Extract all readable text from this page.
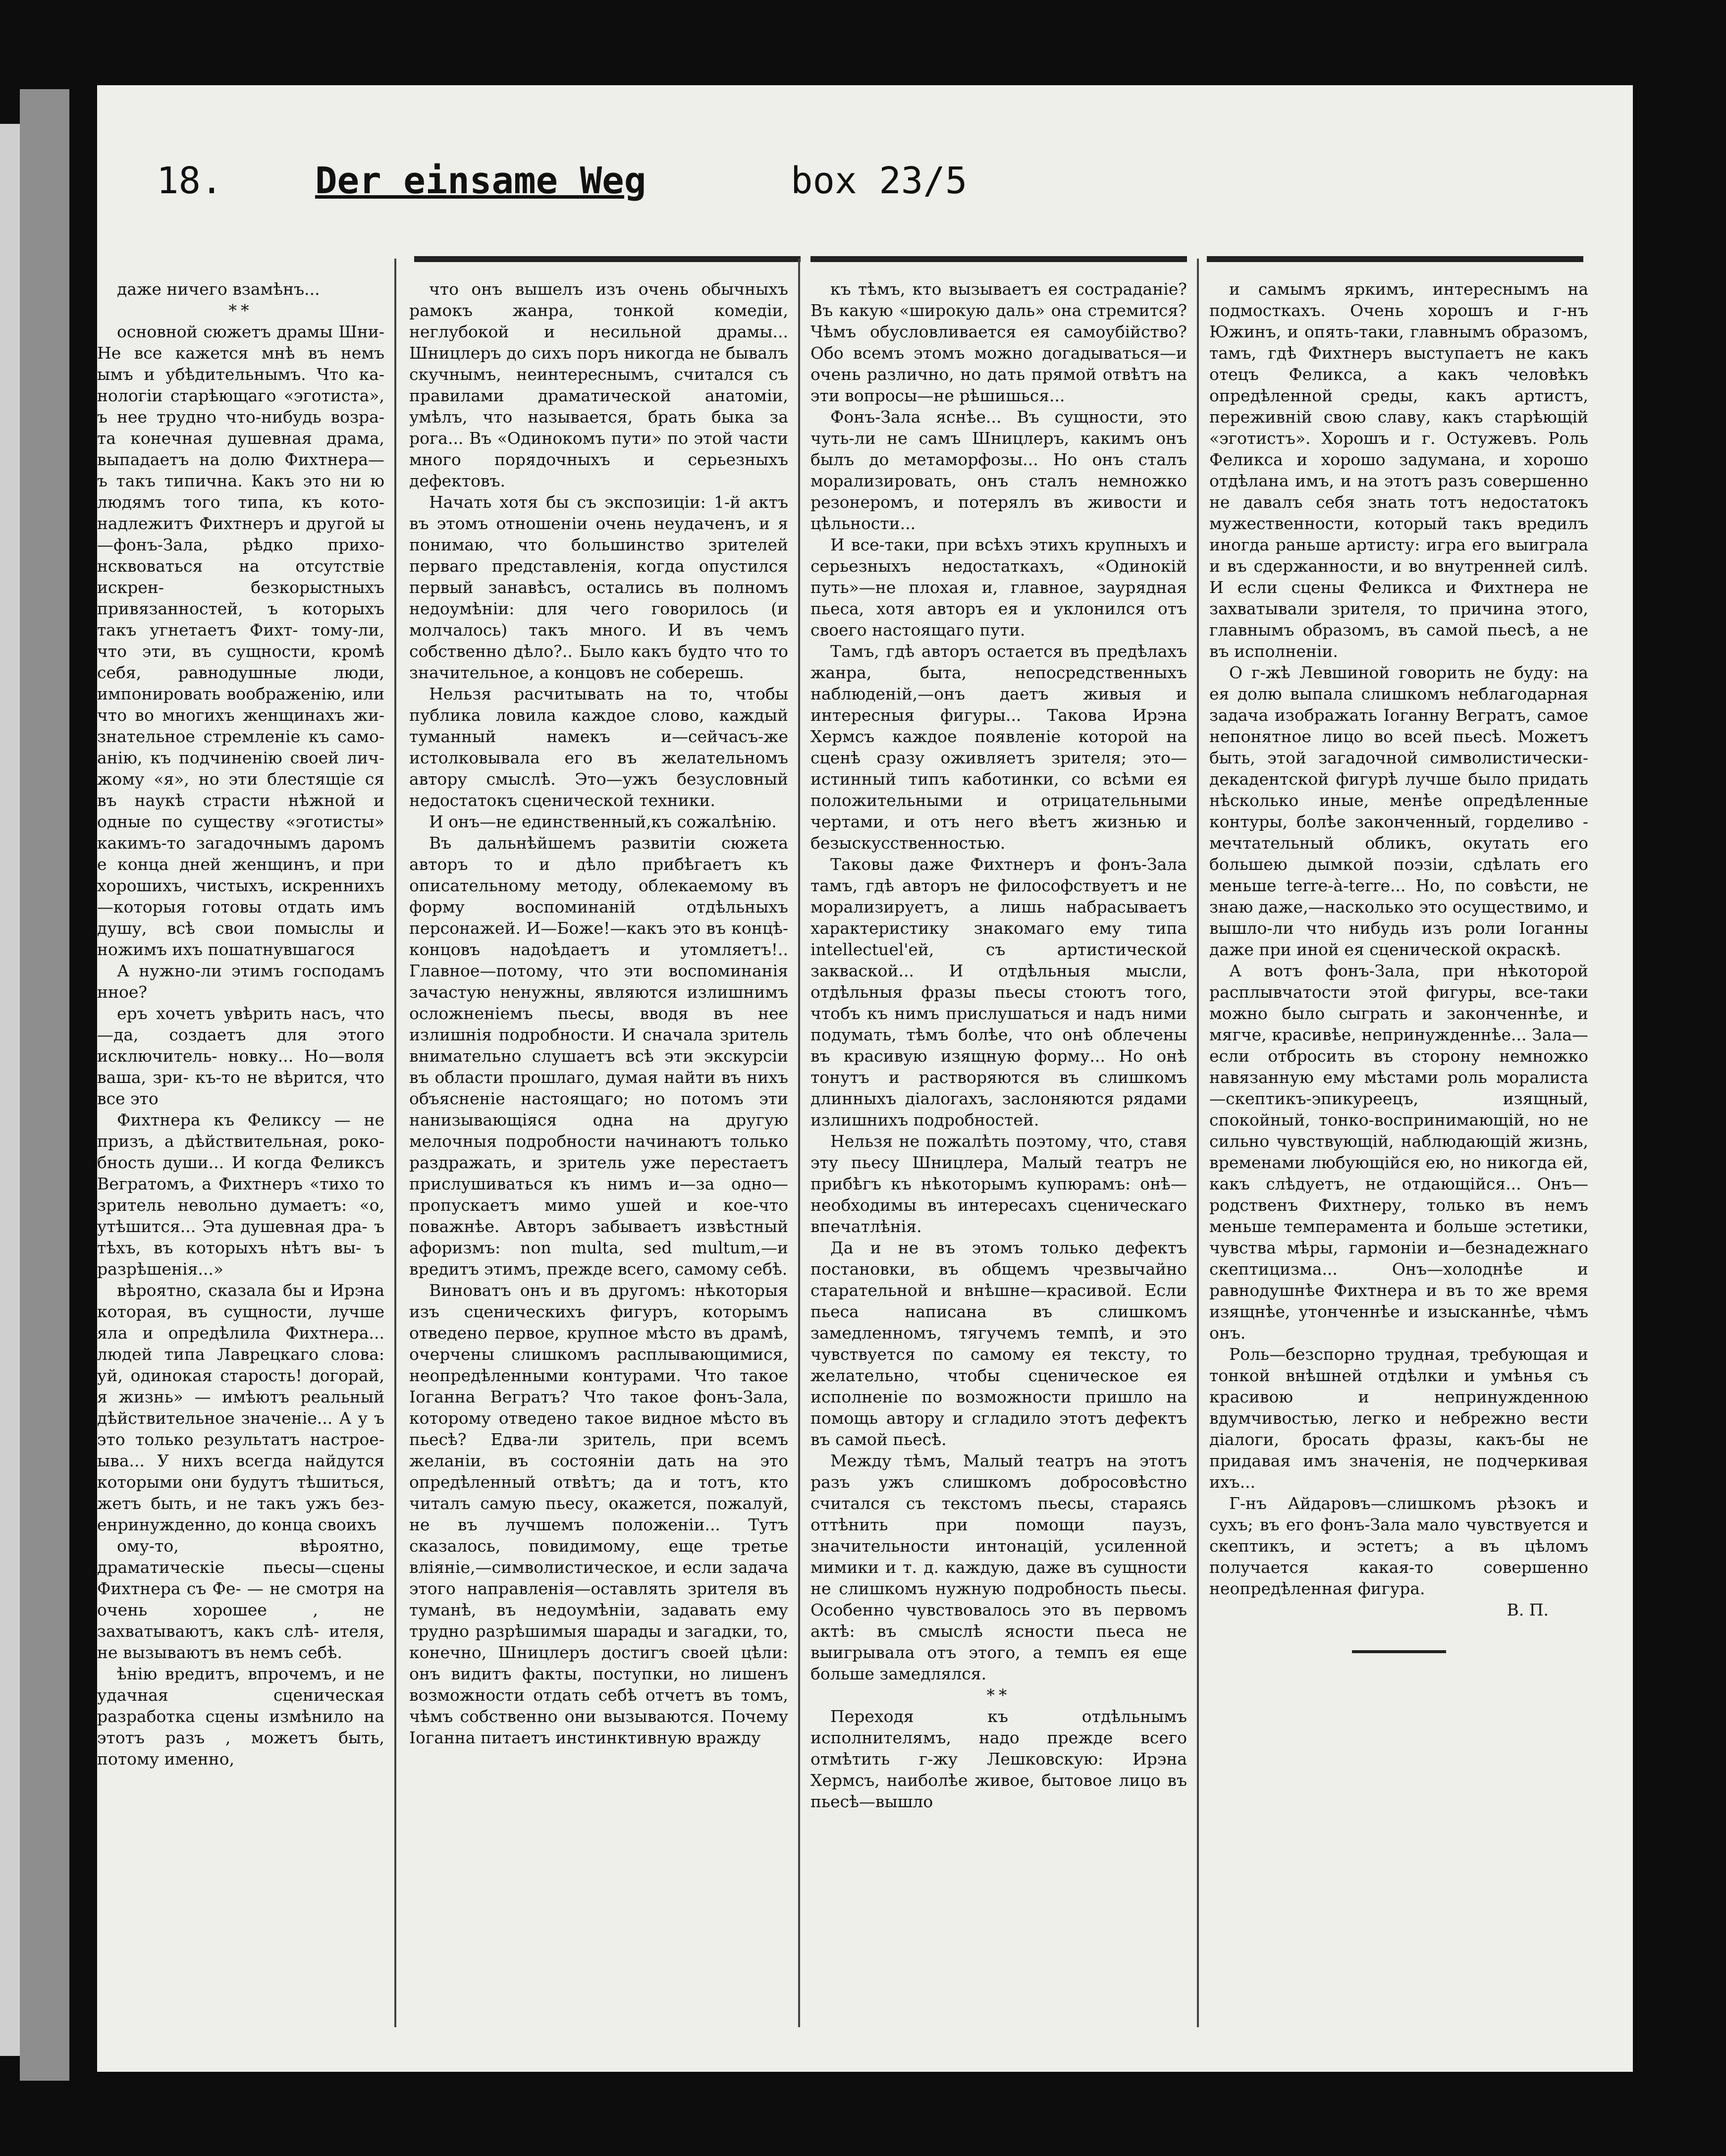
18.	Der einsame Weg	box 23/5

даже ничего взамѣнъ...

**

основной сюжетъ драмы Шни- Не все кажется мнѣ въ немъ ымъ и убѣдительнымъ. Что ка- нологіи старѣющаго «эготиста», ъ нее трудно что-нибудь возра- та конечная душевная драма, выпадаетъ на долю Фихтнера— ъ такъ типична. Какъ это ни ю людямъ того типа, къ кото- надлежитъ Фихтнеръ и другой ы—фонъ-Зала, рѣдко прихо- нсквоваться на отсутствіе искрен- безкорыстныхъ привязанностей, ъ которыхъ такъ угнетаетъ Фихт- тому-ли, что эти, въ сущности, кромѣ себя, равнодушные люди, импонировать воображенію, или что во многихъ женщинахъ жи- знательное стремленіе къ само- анію, къ подчиненію своей лич- жому «я», но эти блестящіе ся въ наукѣ страсти нѣжной и одные по существу «эготисты» какимъ-то загадочнымъ даромъ е конца дней женщинъ, и при хорошихъ, чистыхъ, искреннихъ —которыя готовы отдать имъ душу, всѣ свои помыслы и ножимъ ихъ пошатнувшагося

А нужно-ли этимъ господамъ нное?

еръ хочетъ увѣрить насъ, что—да, создаетъ для этого исключитель- новку... Но—воля ваша, зри- къ-то не вѣрится, что все это

Фихтнера къ Феликсу — не призъ, а дѣйствительная, роко- бность души... И когда Феликсъ Вегратомъ, а Фихтнеръ «тихо то зритель невольно думаетъ: «о, утѣшится... Эта душевная дра- ъ тѣхъ, въ которыхъ нѣтъ вы- ъ разрѣшенія...»

вѣроятно, сказала бы и Ирэна которая, въ сущности, лучше яла и опредѣлила Фихтнера... людей типа Лаврецкаго слова: уй, одинокая старость! догорай, я жизнь» — имѣютъ реальный дѣйствительное значеніе... А у ъ это только результатъ настрое- ыва... У нихъ всегда найдутся которыми они будутъ тѣшиться, жетъ быть, и не такъ ужъ без- енринужденно, до конца своихъ

ому-то, вѣроятно, драматическіе пьесы—сцены Фихтнера съ Фе- — не смотря на очень хорошее , не захватываютъ, какъ слѣ- ителя, не вызываютъ въ немъ себѣ.

ѣнію вредитъ, впрочемъ, и не удачная сценическая разработка сцены измѣнило на этотъ разъ , можетъ быть, потому именно,

что онъ вышелъ изъ очень обычныхъ рамокъ жанра, тонкой комедіи, неглубокой и несильной драмы... Шницлеръ до сихъ поръ никогда не бывалъ скучнымъ, неинтереснымъ, считался съ правилами драматической анатоміи, умѣлъ, что называется, брать быка за рога... Въ «Одинокомъ пути» по этой части много порядочныхъ и серьезныхъ дефектовъ.

Начать хотя бы съ экспозиціи: 1-й актъ въ этомъ отношеніи очень неудаченъ, и я понимаю, что большинство зрителей перваго представленія, когда опустился первый занавѣсъ, остались въ полномъ недоумѣніи: для чего говорилось (и молчалось) такъ много. И въ чемъ собственно дѣло?.. Было какъ будто что то значительное, а концовъ не соберешь.

Нельзя расчитывать на то, чтобы публика ловила каждое слово, каждый туманный намекъ и—сейчасъ-же истолковывала его въ желательномъ автору смыслѣ. Это—ужъ безусловный недостатокъ сценической техники.

И онъ—не единственный,къ сожалѣнію.

Въ дальнѣйшемъ развитіи сюжета авторъ то и дѣло прибѣгаетъ къ описательному методу, облекаемому въ форму воспоминаній отдѣльныхъ персонажей. И—Боже!—какъ это въ концѣ-концовъ надоѣдаетъ и утомляетъ!.. Главное—потому, что эти воспоминанія зачастую ненужны, являются излишнимъ осложненіемъ пьесы, вводя въ нее излишнія подробности. И сначала зритель внимательно слушаетъ всѣ эти экскурсіи въ области прошлаго, думая найти въ нихъ объясненіе настоящаго; но потомъ эти нанизывающіяся одна на другую мелочныя подробности начинаютъ только раздражать, и зритель уже перестаетъ прислушиваться къ нимъ и—за одно—пропускаетъ мимо ушей и кое-что поважнѣе. Авторъ забываетъ извѣстный афоризмъ: non multa, sed multum,—и вредитъ этимъ, прежде всего, самому себѣ.

Виноватъ онъ и въ другомъ: нѣкоторыя изъ сценическихъ фигуръ, которымъ отведено первое, крупное мѣсто въ драмѣ, очерчены слишкомъ расплывающимися, неопредѣленными контурами. Что такое Іоганна Вегратъ? Что такое фонъ-Зала, которому отведено такое видное мѣсто въ пьесѣ? Едва-ли зритель, при всемъ желаніи, въ состояніи дать на это опредѣленный отвѣтъ; да и тотъ, кто читалъ самую пьесу, окажется, пожалуй, не въ лучшемъ положеніи... Тутъ сказалось, повидимому, еще третье вліяніе,—символистическое, и если задача этого направленія—оставлять зрителя въ туманѣ, въ недоумѣніи, задавать ему трудно разрѣшимыя шарады и загадки, то, конечно, Шницлеръ достигъ своей цѣли: онъ видитъ факты, поступки, но лишенъ возможности отдать себѣ отчетъ въ томъ, чѣмъ собственно они вызываются. Почему Іоганна питаетъ инстинктивную вражду

къ тѣмъ, кто вызываетъ ея состраданіе? Въ какую «широкую даль» она стремится? Чѣмъ обусловливается ея самоубійство? Обо всемъ этомъ можно догадываться—и очень различно, но дать прямой отвѣтъ на эти вопросы—не рѣшишься...

Фонъ-Зала яснѣе... Въ сущности, это чуть-ли не самъ Шницлеръ, какимъ онъ былъ до метаморфозы... Но онъ сталъ морализировать, онъ сталъ немножко резонеромъ, и потерялъ въ живости и цѣльности...

И все-таки, при всѣхъ этихъ крупныхъ и серьезныхъ недостаткахъ, «Одинокій путь»—не плохая и, главное, заурядная пьеса, хотя авторъ ея и уклонился отъ своего настоящаго пути.

Тамъ, гдѣ авторъ остается въ предѣлахъ жанра, быта, непосредственныхъ наблюденій,—онъ даетъ живыя и интересныя фигуры... Такова Ирэна Хермсъ каждое появленіе которой на сценѣ сразу оживляетъ зрителя; это—истинный типъ каботинки, со всѣми ея положительными и отрицательными чертами, и отъ него вѣетъ жизнью и безыскусственностью.

Таковы даже Фихтнеръ и фонъ-Зала тамъ, гдѣ авторъ не философствуетъ и не морализируетъ, а лишь набрасываетъ характеристику знакомаго ему типа intellectuel'ей, съ артистической закваской... И отдѣльныя мысли, отдѣльныя фразы пьесы стоютъ того, чтобъ къ нимъ прислушаться и надъ ними подумать, тѣмъ болѣе, что онѣ облечены въ красивую изящную форму... Но онѣ тонутъ и растворяются въ слишкомъ длинныхъ діалогахъ, заслоняются рядами излишнихъ подробностей.

Нельзя не пожалѣть поэтому, что, ставя эту пьесу Шницлера, Малый театръ не прибѣгъ къ нѣкоторымъ купюрамъ: онѣ—необходимы въ интересахъ сценическаго впечатлѣнія.

Да и не въ этомъ только дефектъ постановки, въ общемъ чрезвычайно старательной и внѣшне—красивой. Если пьеса написана въ слишкомъ замедленномъ, тягучемъ темпѣ, и это чувствуется по самому ея тексту, то желательно, чтобы сценическое ея исполненіе по возможности пришло на помощь автору и сгладило этотъ дефектъ въ самой пьесѣ.

Между тѣмъ, Малый театръ на этотъ разъ ужъ слишкомъ добросовѣстно считался съ текстомъ пьесы, стараясь оттѣнить при помощи паузъ, значительности интонацій, усиленной мимики и т. д. каждую, даже въ сущности не слишкомъ нужную подробность пьесы. Особенно чувствовалось это въ первомъ актѣ: въ смыслѣ ясности пьеса не выигрывала отъ этого, а темпъ ея еще больше замедлялся.

**

Переходя къ отдѣльнымъ исполнителямъ, надо прежде всего отмѣтить г-жу Лешковскую: Ирэна Хермсъ, наиболѣе живое, бытовое лицо въ пьесѣ—вышло

и самымъ яркимъ, интереснымъ на подмосткахъ. Очень хорошъ и г-нъ Южинъ, и опять-таки, главнымъ образомъ, тамъ, гдѣ Фихтнеръ выступаетъ не какъ отецъ Феликса, а какъ человѣкъ опредѣленной среды, какъ артистъ, переживній свою славу, какъ старѣющій «эготистъ». Хорошъ и г. Остужевъ. Роль Феликса и хорошо задумана, и хорошо отдѣлана имъ, и на этотъ разъ совершенно не давалъ себя знать тотъ недостатокъ мужественности, который такъ вредилъ иногда раньше артисту: игра его выиграла и въ сдержанности, и во внутренней силѣ. И если сцены Феликса и Фихтнера не захватывали зрителя, то причина этого, главнымъ образомъ, въ самой пьесѣ, а не въ исполненіи.

О г-жѣ Левшиной говорить не буду: на ея долю выпала слишкомъ неблагодарная задача изображать Іоганну Вегратъ, самое непонятное лицо во всей пьесѣ. Можетъ быть, этой загадочной символистически-декадентской фигурѣ лучше было придать нѣсколько иные, менѣе опредѣленные контуры, болѣе законченный, горделиво - мечтательный обликъ, окутать его большею дымкой поэзіи, сдѣлать его меньше terre-à-terre... Но, по совѣсти, не знаю даже,—насколько это осуществимо, и вышло-ли что нибудь изъ роли Іоганны даже при иной ея сценической окраскѣ.

А вотъ фонъ-Зала, при нѣкоторой расплывчатости этой фигуры, все-таки можно было сыграть и законченнѣе, и мягче, красивѣе, непринужденнѣе... Зала—если отбросить въ сторону немножко навязанную ему мѣстами роль моралиста—скептикъ-эпикуреецъ, изящный, спокойный, тонко-воспринимающій, но не сильно чувствующій, наблюдающій жизнь, временами любующійся ею, но никогда ей, какъ слѣдуетъ, не отдающійся... Онъ—родственъ Фихтнеру, только въ немъ меньше темперамента и больше эстетики, чувства мѣры, гармоніи и—безнадежнаго скептицизма... Онъ—холоднѣе и равнодушнѣе Фихтнера и въ то же время изящнѣе, утонченнѣе и изысканнѣе, чѣмъ онъ.

Роль—безспорно трудная, требующая и тонкой внѣшней отдѣлки и умѣнья съ красивою и непринужденною вдумчивостью, легко и небрежно вести діалоги, бросать фразы, какъ-бы не придавая имъ значенія, не подчеркивая ихъ...

Г-нъ Айдаровъ—слишкомъ рѣзокъ и сухъ; въ его фонъ-Зала мало чувствуется и скептикъ, и эстетъ; а въ цѣломъ получается какая-то совершенно неопредѣленная фигура.

В. П.
